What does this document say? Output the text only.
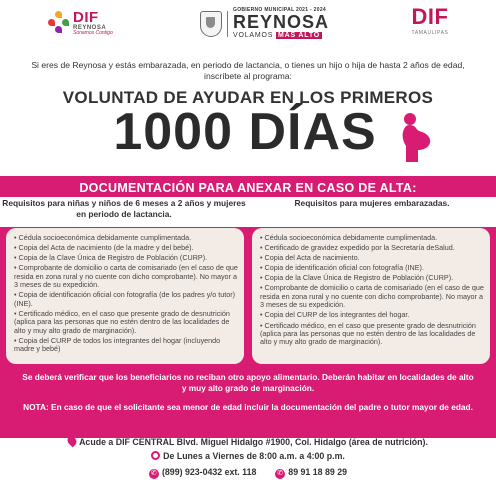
DIF
REYNOSA
Sonamos Contigo
GOBIERNO MUNICIPAL 2021 - 2024
REYNOSA
VOLAMOS MÁS ALTO
DIF
TAMAULIPAS
Si eres de Reynosa y estás embarazada, en periodo de lactancia, o tienes un hijo o hija de hasta 2 años de edad, inscríbete al programa:
VOLUNTAD DE AYUDAR EN LOS PRIMEROS
1000 DÍAS
DOCUMENTACIÓN PARA ANEXAR EN CASO DE ALTA:
Requisitos para niñas y niños de 6 meses a 2 años y mujeres en periodo de lactancia.
Requisitos para mujeres embarazadas.
• Cédula socioeconómica debidamente cumplimentada.
• Copia del Acta de nacimiento (de la madre y del bebé).
• Copia de la Clave Única de Registro de Población (CURP).
• Comprobante de domicilio o carta de comisariado (en el caso de que resida en zona rural y no cuente con dicho comprobante). No mayor a 3 meses de su expedición.
• Copia de identificación oficial con fotografía (de los padres y/o tutor) (INE).
• Certificado médico, en el caso que presente grado de desnutrición (aplica para las personas que no estén dentro de las localidades de alto y muy alto grado de marginación).
• Copia del CURP de todos los integrantes del hogar (incluyendo madre y bebé)
• Cédula socioeconómica debidamente cumplimentada.
• Certificado de gravidez expedido por la Secretaría deSalud.
• Copia del Acta de nacimiento.
• Copia de identificación oficial con fotografía (INE).
• Copia de la Clave Única de Registro de Población (CURP).
• Comprobante de domicilio o carta de comisariado (en el caso de que resida en zona rural y no cuente con dicho comprobante). No mayor a 3 meses de su expedición.
• Copia del CURP de los integrantes del hogar.
• Certificado médico, en el caso que presente grado de desnutrición (aplica para las personas que no estén dentro de las localidades de alto y muy alto grado de marginación).
Se deberá verificar que los beneficiarios no reciban otro apoyo alimentario. Deberán habitar en localidades de alto y muy alto grado de marginación.
NOTA: En caso de que el solicitante sea menor de edad incluir la documentación del padre o tutor mayor de edad.
Acude a DIF CENTRAL Blvd. Miguel Hidalgo #1900, Col. Hidalgo (área de nutrición).
De Lunes a Viernes de 8:00 a.m. a 4:00 p.m.
✆ (899) 923-0432 ext. 118	✆ 89 91 18 89 29
